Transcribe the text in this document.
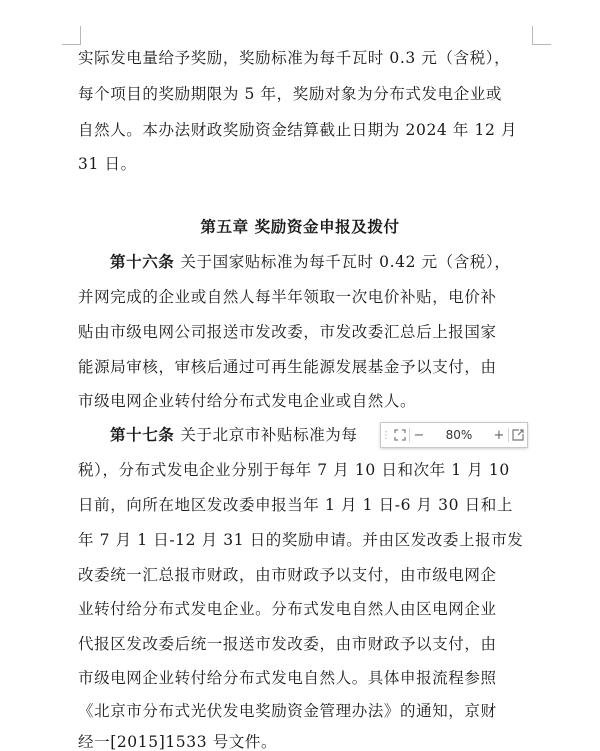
实际发电量给予奖励，奖励标准为每千瓦时 0.3 元（含税），
每个项目的奖励期限为 5 年，奖励对象为分布式发电企业或
自然人。本办法财政奖励资金结算截止日期为 2024 年 12 月
31 日。
第五章 奖励资金申报及拨付
第十六条 关于国家贴标准为每千瓦时 0.42 元（含税），
并网完成的企业或自然人每半年领取一次电价补贴，电价补
贴由市级电网公司报送市发改委，市发改委汇总后上报国家
能源局审核，审核后通过可再生能源发展基金予以支付，由
市级电网企业转付给分布式发电企业或自然人。
第十七条 关于北京市补贴标准为每
税），分布式发电企业分别于每年 7 月 10 日和次年 1 月 10
日前，向所在地区发改委申报当年 1 月 1 日-6 月 30 日和上
年 7 月 1 日-12 月 31 日的奖励申请。并由区发改委上报市发
改委统一汇总报市财政，由市财政予以支付，由市级电网企
业转付给分布式发电企业。分布式发电自然人由区电网企业
代报区发改委后统一报送市发改委，由市财政予以支付，由
市级电网企业转付给分布式发电自然人。具体申报流程参照
《北京市分布式光伏发电奖励资金管理办法》的通知，京财
经一[2015]1533 号文件。
⋮ −	80%	+
